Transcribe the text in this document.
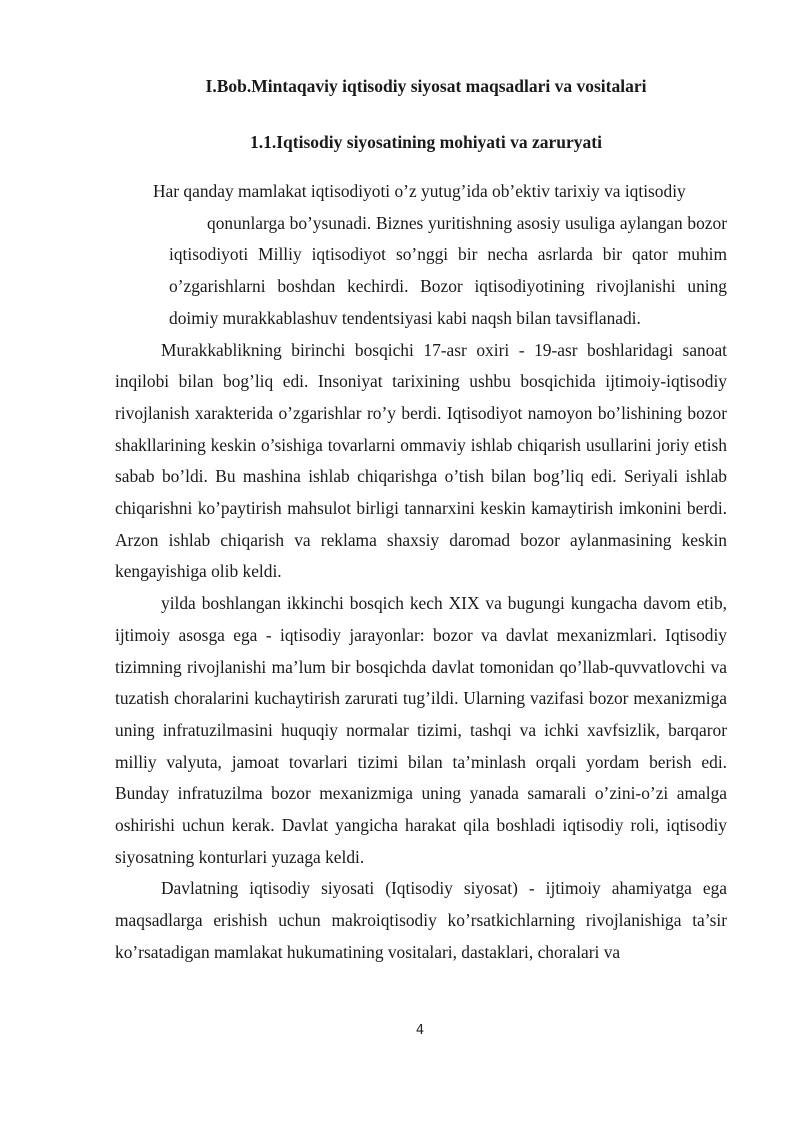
I.Bob.Mintaqaviy iqtisodiy siyosat maqsadlari va vositalari
1.1.Iqtisodiy siyosatining mohiyati va zaruryati

Har qanday mamlakat iqtisodiyoti o’z yutug’ida ob’ektiv tarixiy va iqtisodiy
qonunlarga bo’ysunadi. Biznes yuritishning asosiy usuliga aylangan bozor iqtisodiyoti Milliy iqtisodiyot so’nggi bir necha asrlarda bir qator muhim o’zgarishlarni boshdan kechirdi. Bozor iqtisodiyotining rivojlanishi uning doimiy murakkablashuv tendentsiyasi kabi naqsh bilan tavsiflanadi.

Murakkablikning birinchi bosqichi 17-asr oxiri - 19-asr boshlaridagi sanoat inqilobi bilan bog’liq edi. Insoniyat tarixining ushbu bosqichida ijtimoiy-iqtisodiy rivojlanish xarakterida o’zgarishlar ro’y berdi. Iqtisodiyot namoyon bo’lishining bozor shakllarining keskin o’sishiga tovarlarni ommaviy ishlab chiqarish usullarini joriy etish sabab bo’ldi. Bu mashina ishlab chiqarishga o’tish bilan bog’liq edi. Seriyali ishlab chiqarishni ko’paytirish mahsulot birligi tannarxini keskin kamaytirish imkonini berdi. Arzon ishlab chiqarish va reklama shaxsiy daromad bozor aylanmasining keskin kengayishiga olib keldi.

yilda boshlangan ikkinchi bosqich kech XIX va bugungi kungacha davom etib, ijtimoiy asosga ega - iqtisodiy jarayonlar: bozor va davlat mexanizmlari. Iqtisodiy tizimning rivojlanishi ma’lum bir bosqichda davlat tomonidan qo’llab-quvvatlovchi va tuzatish choralarini kuchaytirish zarurati tug’ildi. Ularning vazifasi bozor mexanizmiga uning infratuzilmasini huquqiy normalar tizimi, tashqi va ichki xavfsizlik, barqaror milliy valyuta, jamoat tovarlari tizimi bilan ta’minlash orqali yordam berish edi. Bunday infratuzilma bozor mexanizmiga uning yanada samarali o’zini-o’zi amalga oshirishi uchun kerak. Davlat yangicha harakat qila boshladi iqtisodiy roli, iqtisodiy siyosatning konturlari yuzaga keldi.

Davlatning iqtisodiy siyosati (Iqtisodiy siyosat) - ijtimoiy ahamiyatga ega maqsadlarga erishish uchun makroiqtisodiy ko’rsatkichlarning rivojlanishiga ta’sir ko’rsatadigan mamlakat hukumatining vositalari, dastaklari, choralari va

4
